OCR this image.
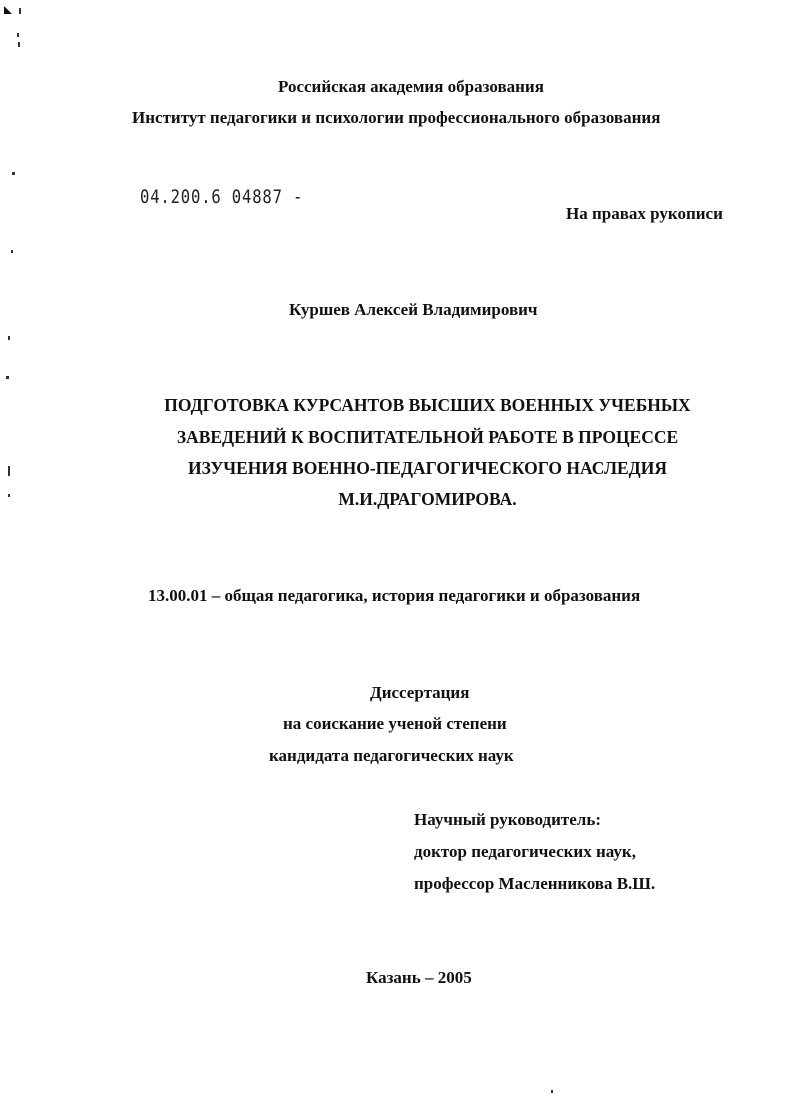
Российская академия образования
Институт педагогики и психологии профессионального образования
04.200.6 04887 -
На правах рукописи
Куршев Алексей Владимирович
ПОДГОТОВКА КУРСАНТОВ ВЫСШИХ ВОЕННЫХ УЧЕБНЫХ
ЗАВЕДЕНИЙ К ВОСПИТАТЕЛЬНОЙ РАБОТЕ В ПРОЦЕССЕ
ИЗУЧЕНИЯ ВОЕННО-ПЕДАГОГИЧЕСКОГО НАСЛЕДИЯ
М.И.ДРАГОМИРОВА.
13.00.01 – общая педагогика, история педагогики и образования
Диссертация
на соискание ученой степени
кандидата педагогических наук
Научный руководитель:
доктор педагогических наук,
профессор Масленникова В.Ш.
Казань – 2005
